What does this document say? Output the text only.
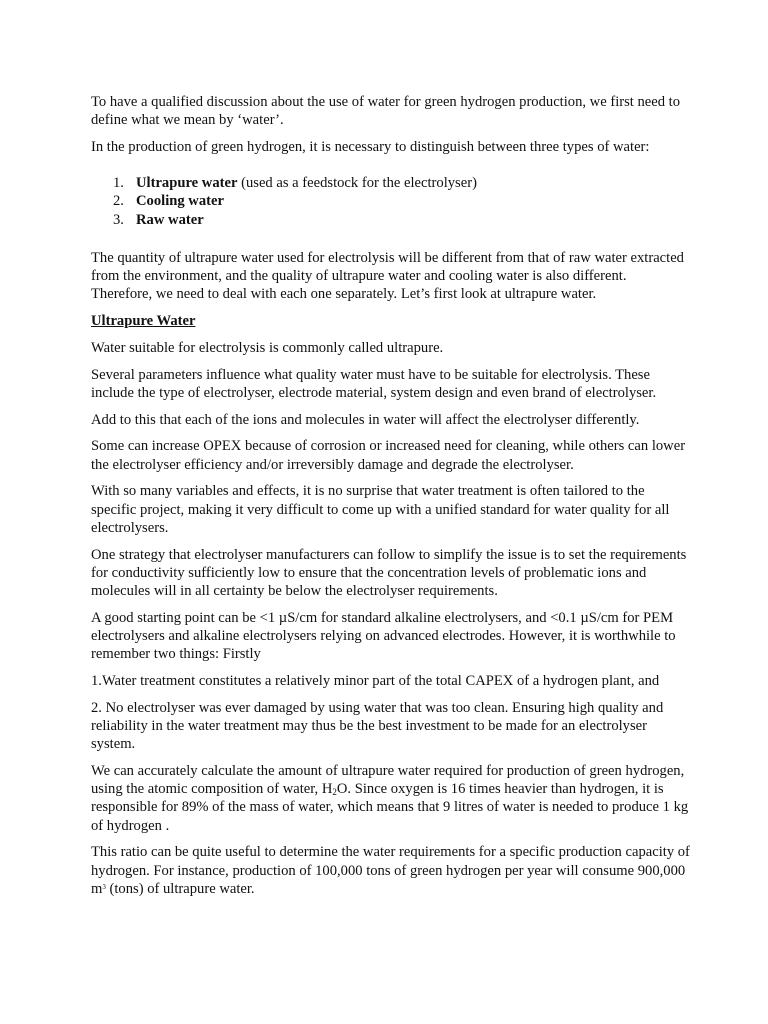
To have a qualified discussion about the use of water for green hydrogen production, we first need to define what we mean by ‘water’.

In the production of green hydrogen, it is necessary to distinguish between three types of water:

1. Ultrapure water (used as a feedstock for the electrolyser)
2. Cooling water
3. Raw water

The quantity of ultrapure water used for electrolysis will be different from that of raw water extracted from the environment, and the quality of ultrapure water and cooling water is also different. Therefore, we need to deal with each one separately. Let’s first look at ultrapure water.

Ultrapure Water

Water suitable for electrolysis is commonly called ultrapure.

Several parameters influence what quality water must have to be suitable for electrolysis. These include the type of electrolyser, electrode material, system design and even brand of electrolyser.

Add to this that each of the ions and molecules in water will affect the electrolyser differently.

Some can increase OPEX because of corrosion or increased need for cleaning, while others can lower the electrolyser efficiency and/or irreversibly damage and degrade the electrolyser.

With so many variables and effects, it is no surprise that water treatment is often tailored to the specific project, making it very difficult to come up with a unified standard for water quality for all electrolysers.

One strategy that electrolyser manufacturers can follow to simplify the issue is to set the requirements for conductivity sufficiently low to ensure that the concentration levels of problematic ions and molecules will in all certainty be below the electrolyser requirements.

A good starting point can be <1 µS/cm for standard alkaline electrolysers, and <0.1 µS/cm for PEM electrolysers and alkaline electrolysers relying on advanced electrodes. However, it is worthwhile to remember two things: Firstly

1.Water treatment constitutes a relatively minor part of the total CAPEX of a hydrogen plant, and

2. No electrolyser was ever damaged by using water that was too clean. Ensuring high quality and reliability in the water treatment may thus be the best investment to be made for an electrolyser system.

We can accurately calculate the amount of ultrapure water required for production of green hydrogen, using the atomic composition of water, $H_2O$. Since oxygen is 16 times heavier than hydrogen, it is responsible for 89% of the mass of water, which means that 9 litres of water is needed to produce 1 kg of hydrogen .

This ratio can be quite useful to determine the water requirements for a specific production capacity of hydrogen. For instance, production of 100,000 tons of green hydrogen per year will consume 900,000 $m^3$ (tons) of ultrapure water.
